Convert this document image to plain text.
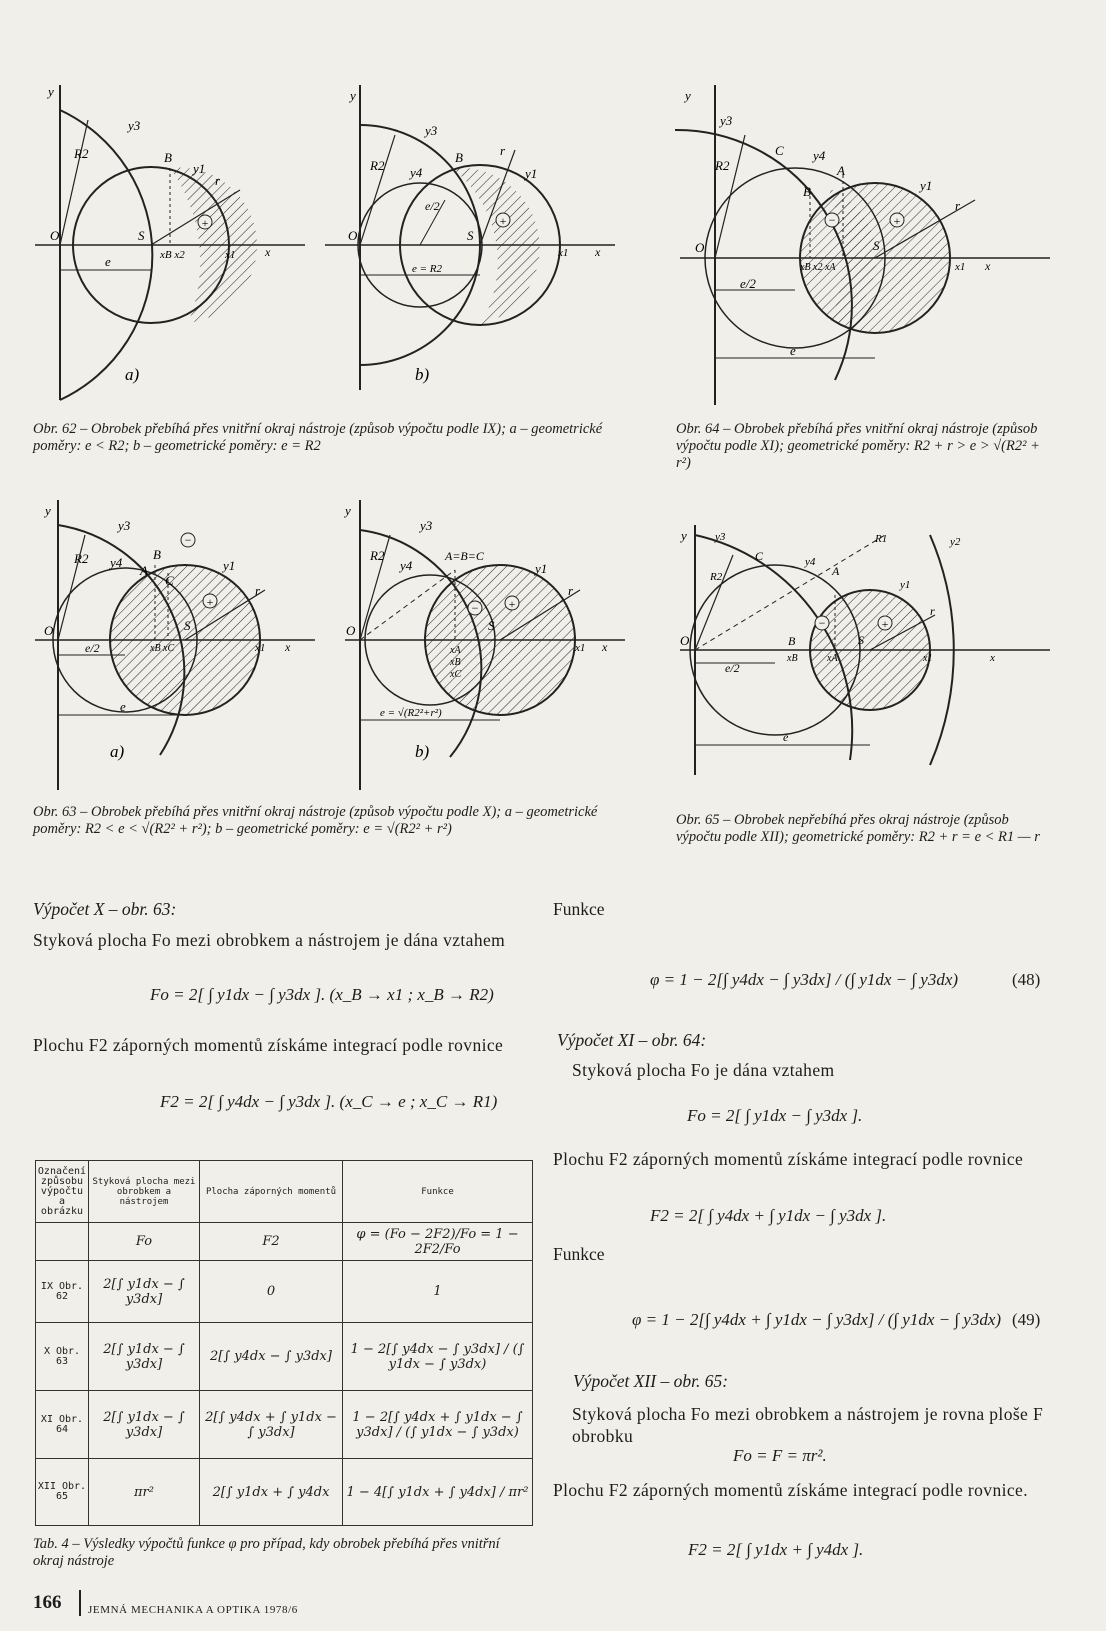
+
y
y3
R2	B
y1
r
S
xB x2	x1 x
O
e
a)
+
y
y3
R2
B
y4	y1
r
e/2
S
x1 x
O
e = R2
b)
−	+
y
y3
R2
C y4
A
y1
B
r
S
xB x2 xA	x1 x
O
e/2
e
Obr. 62 – Obrobek přebíhá přes vnitřní okraj nástroje (způsob výpočtu podle IX); a – geometrické poměry: e < R2; b – geometrické poměry: e = R2
Obr. 64 – Obrobek přebíhá přes vnitřní okraj nástroje (způsob výpočtu podle XI); geometrické poměry: R2 + r > e > √(R2² + r²)
−
+
y
y3
R2 y4
B
A
C
y1
r
S
xB xC	x1 x
O
e/2
e
a)
−	+
y
y3
R2
y4
A=B=C
y1
r
S
xA
xB
xC
x1 x
O
e = √(R2²+r²)
b)
−	+
y	y3
R2
C	y4
A
y1
R1	y2
r
B
xB	xA
S
x1	x
O
e/2
e
Obr. 63 – Obrobek přebíhá přes vnitřní okraj nástroje (způsob výpočtu podle X); a – geometrické poměry: R2 < e < √(R2² + r²); b – geometrické poměry: e = √(R2² + r²)
Obr. 65 – Obrobek nepřebíhá přes okraj nástroje (způsob výpočtu podle XII); geometrické poměry: R2 + r = e < R1 — r
Výpočet X – obr. 63:
Styková plocha Fo mezi obrobkem a nástrojem je dána vztahem
Fo = 2[ ∫ y1dx − ∫ y3dx ]. (x_B → x1 ; x_B → R2)
Plochu F2 záporných momentů získáme integrací podle rovnice
F2 = 2[ ∫ y4dx − ∫ y3dx ]. (x_C → e ; x_C → R1)
Označení způsobu výpočtu a obrázku	Styková plocha mezi obrobkem a nástrojem	Plocha záporných momentů	Funkce
	Fo	F2	φ = (Fo − 2F2)/Fo = 1 − 2F2/Fo
IX Obr. 62	2[∫ y1dx − ∫ y3dx]	0	1
X Obr. 63	2[∫ y1dx − ∫ y3dx]	2[∫ y4dx − ∫ y3dx]	1 − 2[∫ y4dx − ∫ y3dx] / (∫ y1dx − ∫ y3dx)
XI Obr. 64	2[∫ y1dx − ∫ y3dx]	2[∫ y4dx + ∫ y1dx − ∫ y3dx]	1 − 2[∫ y4dx + ∫ y1dx − ∫ y3dx] / (∫ y1dx − ∫ y3dx)
XII Obr. 65	πr²	2[∫ y1dx + ∫ y4dx	1 − 4[∫ y1dx + ∫ y4dx] / πr²
Tab. 4 – Výsledky výpočtů funkce φ pro případ, kdy obrobek přebíhá přes vnitřní okraj nástroje
Funkce
φ = 1 − 2[∫ y4dx − ∫ y3dx] / (∫ y1dx − ∫ y3dx)	(48)
Výpočet XI – obr. 64:
Styková plocha Fo je dána vztahem
Fo = 2[ ∫ y1dx − ∫ y3dx ].
Plochu F2 záporných momentů získáme integrací podle rovnice
F2 = 2[ ∫ y4dx + ∫ y1dx − ∫ y3dx ].
Funkce
φ = 1 − 2[∫ y4dx + ∫ y1dx − ∫ y3dx] / (∫ y1dx − ∫ y3dx) (49)
Výpočet XII – obr. 65:
Styková plocha Fo mezi obrobkem a nástrojem je rovna ploše F obrobku
Fo = F = πr².
Plochu F2 záporných momentů získáme integrací podle rovnice.
F2 = 2[ ∫ y1dx + ∫ y4dx ].
166 JEMNÁ MECHANIKA A OPTIKA 1978/6
